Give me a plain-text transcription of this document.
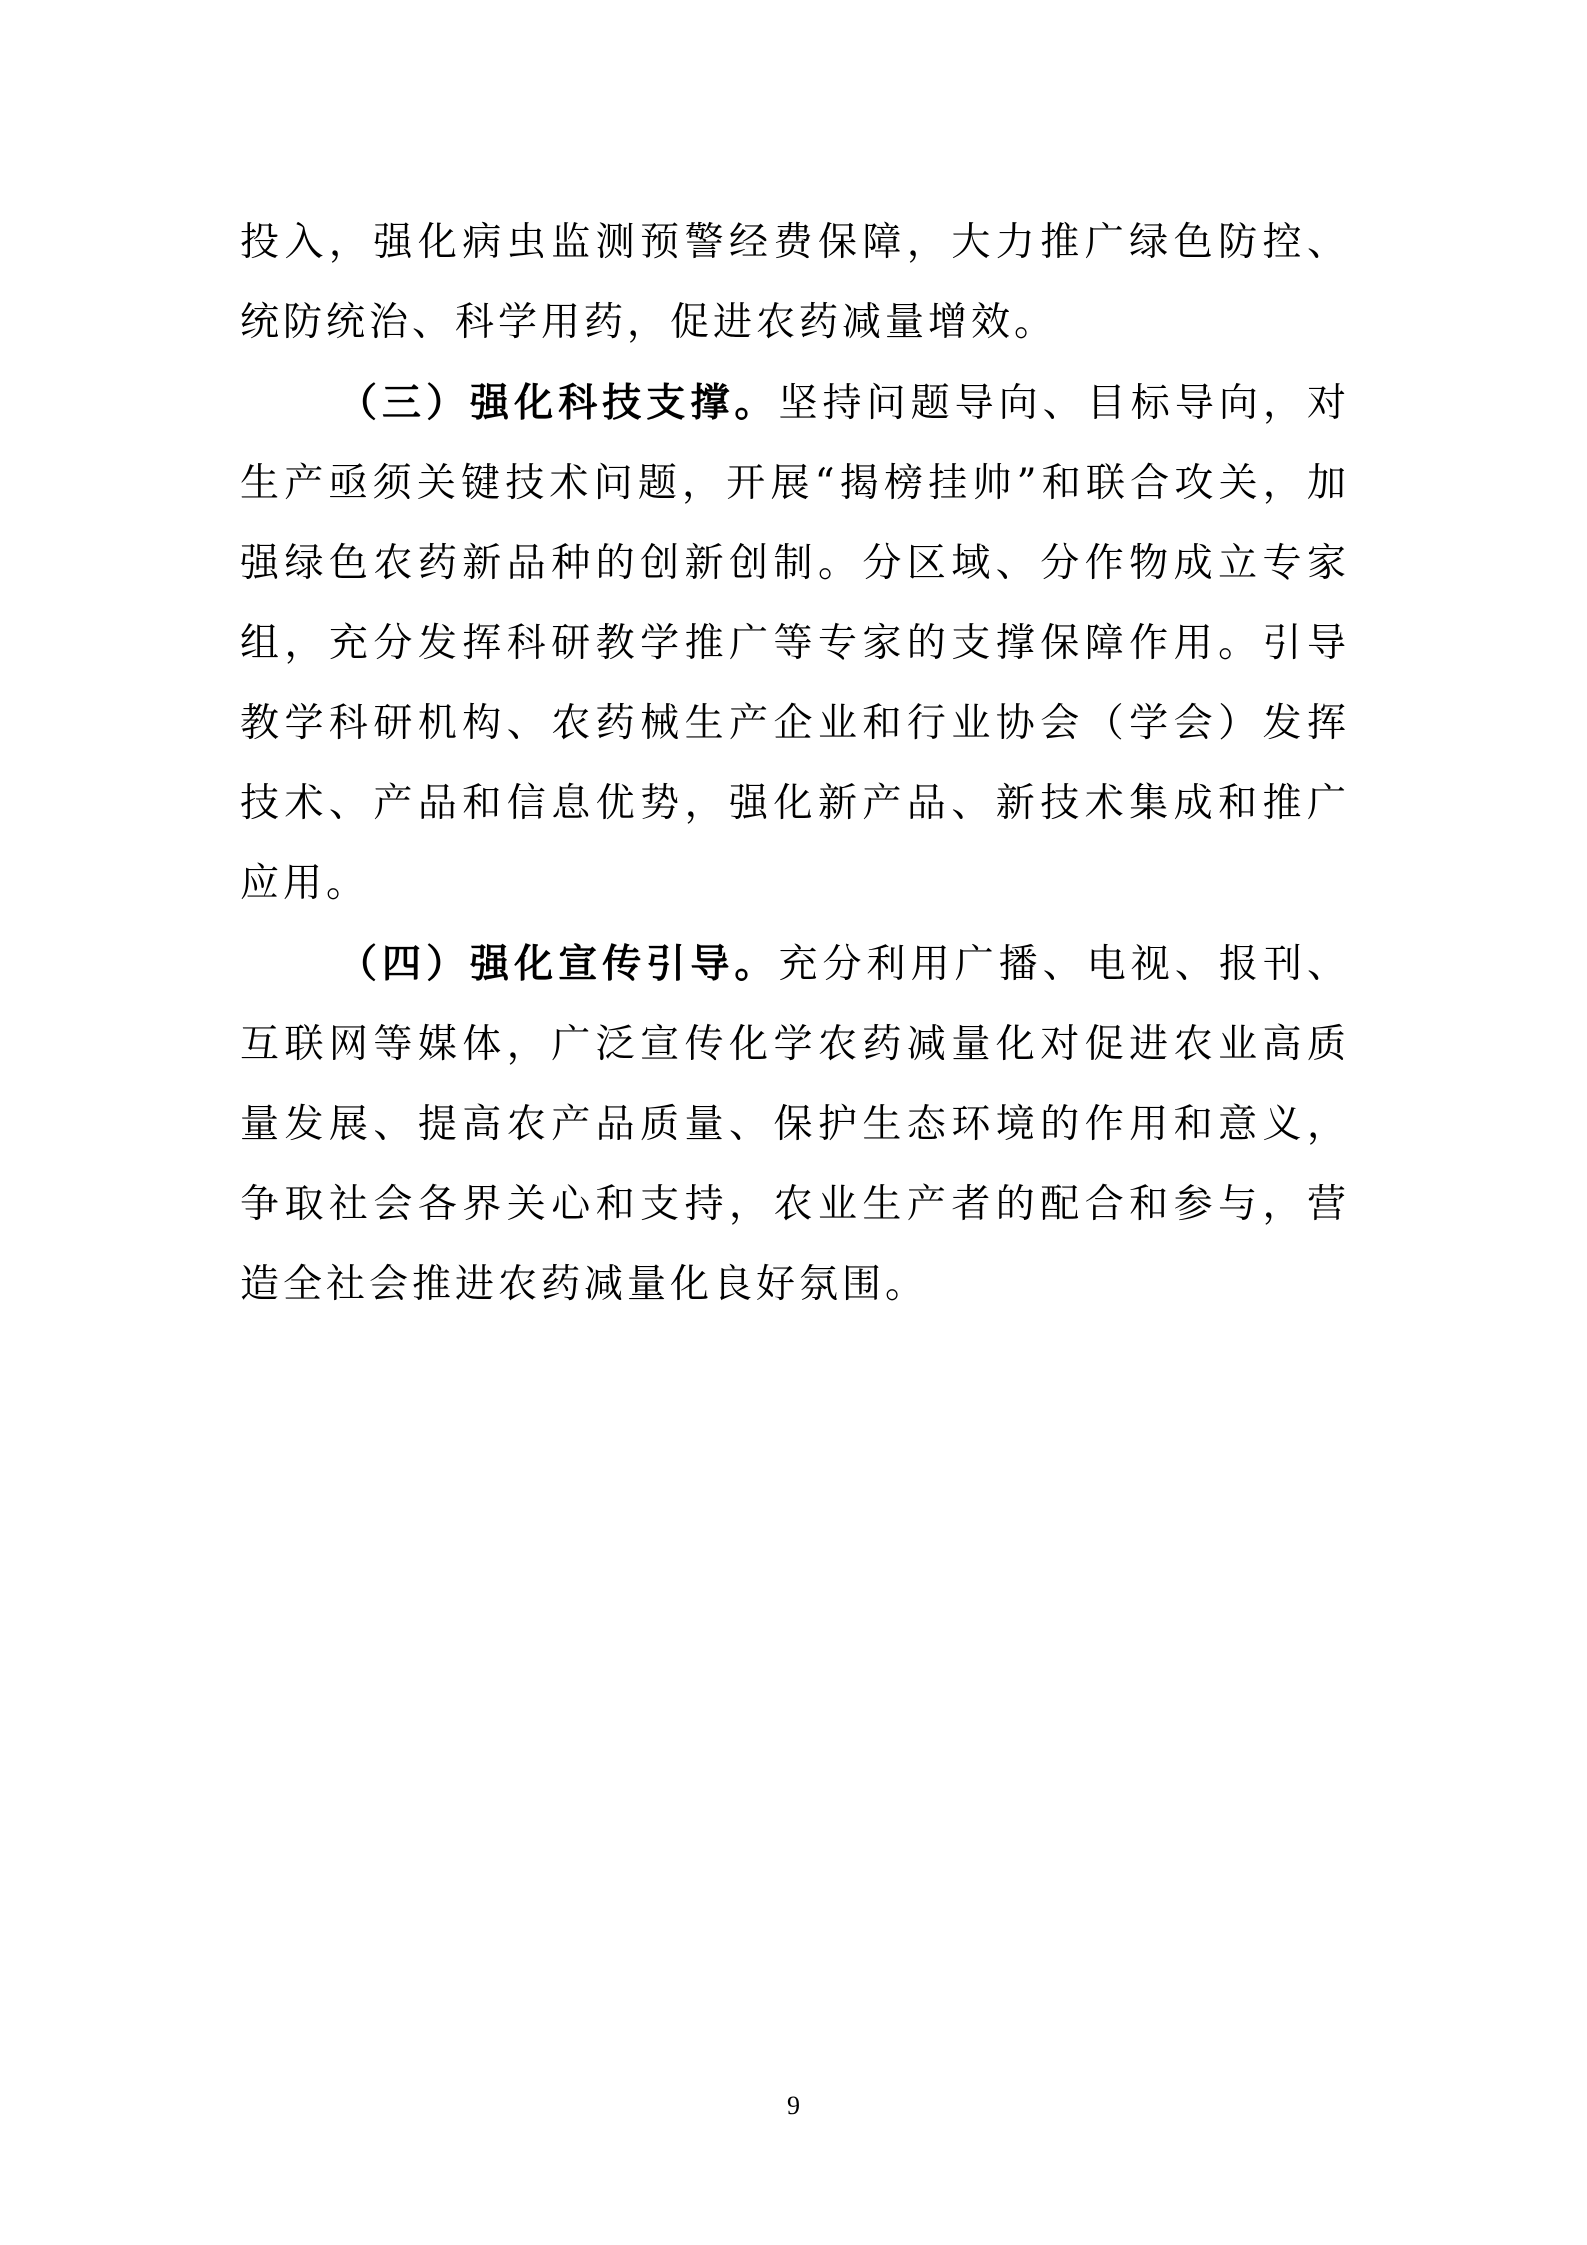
投入，强化病虫监测预警经费保障，大力推广绿色防控、统防统治、科学用药，促进农药减量增效。

（三）强化科技支撑。坚持问题导向、目标导向，对生产亟须关键技术问题，开展“揭榜挂帅”和联合攻关，加强绿色农药新品种的创新创制。分区域、分作物成立专家组，充分发挥科研教学推广等专家的支撑保障作用。引导教学科研机构、农药械生产企业和行业协会（学会）发挥技术、产品和信息优势，强化新产品、新技术集成和推广应用。

（四）强化宣传引导。充分利用广播、电视、报刊、互联网等媒体，广泛宣传化学农药减量化对促进农业高质量发展、提高农产品质量、保护生态环境的作用和意义，争取社会各界关心和支持，农业生产者的配合和参与，营造全社会推进农药减量化良好氛围。

9
